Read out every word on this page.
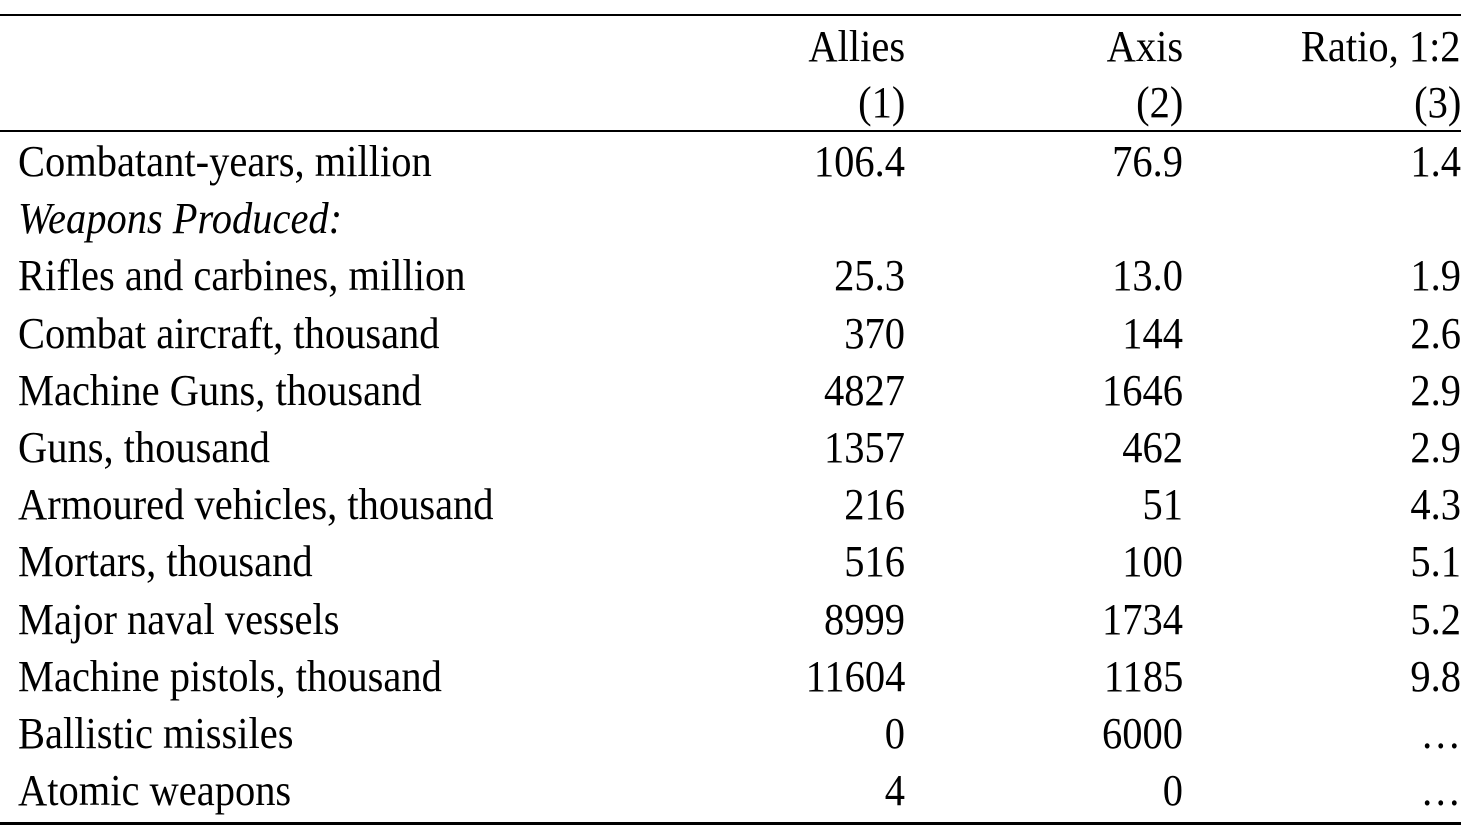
Allies	Axis	Ratio, 1:2
(1)	(2)	(3)
Combatant-years, million	106.4	76.9	1.4
Weapons Produced:
Rifles and carbines, million	25.3	13.0	1.9
Combat aircraft, thousand	370	144	2.6
Machine Guns, thousand	4827	1646	2.9
Guns, thousand	1357	462	2.9
Armoured vehicles, thousand	216	51	4.3
Mortars, thousand	516	100	5.1
Major naval vessels	8999	1734	5.2
Machine pistols, thousand	11604	1185	9.8
Ballistic missiles	0	6000	…
Atomic weapons	4	0	…
